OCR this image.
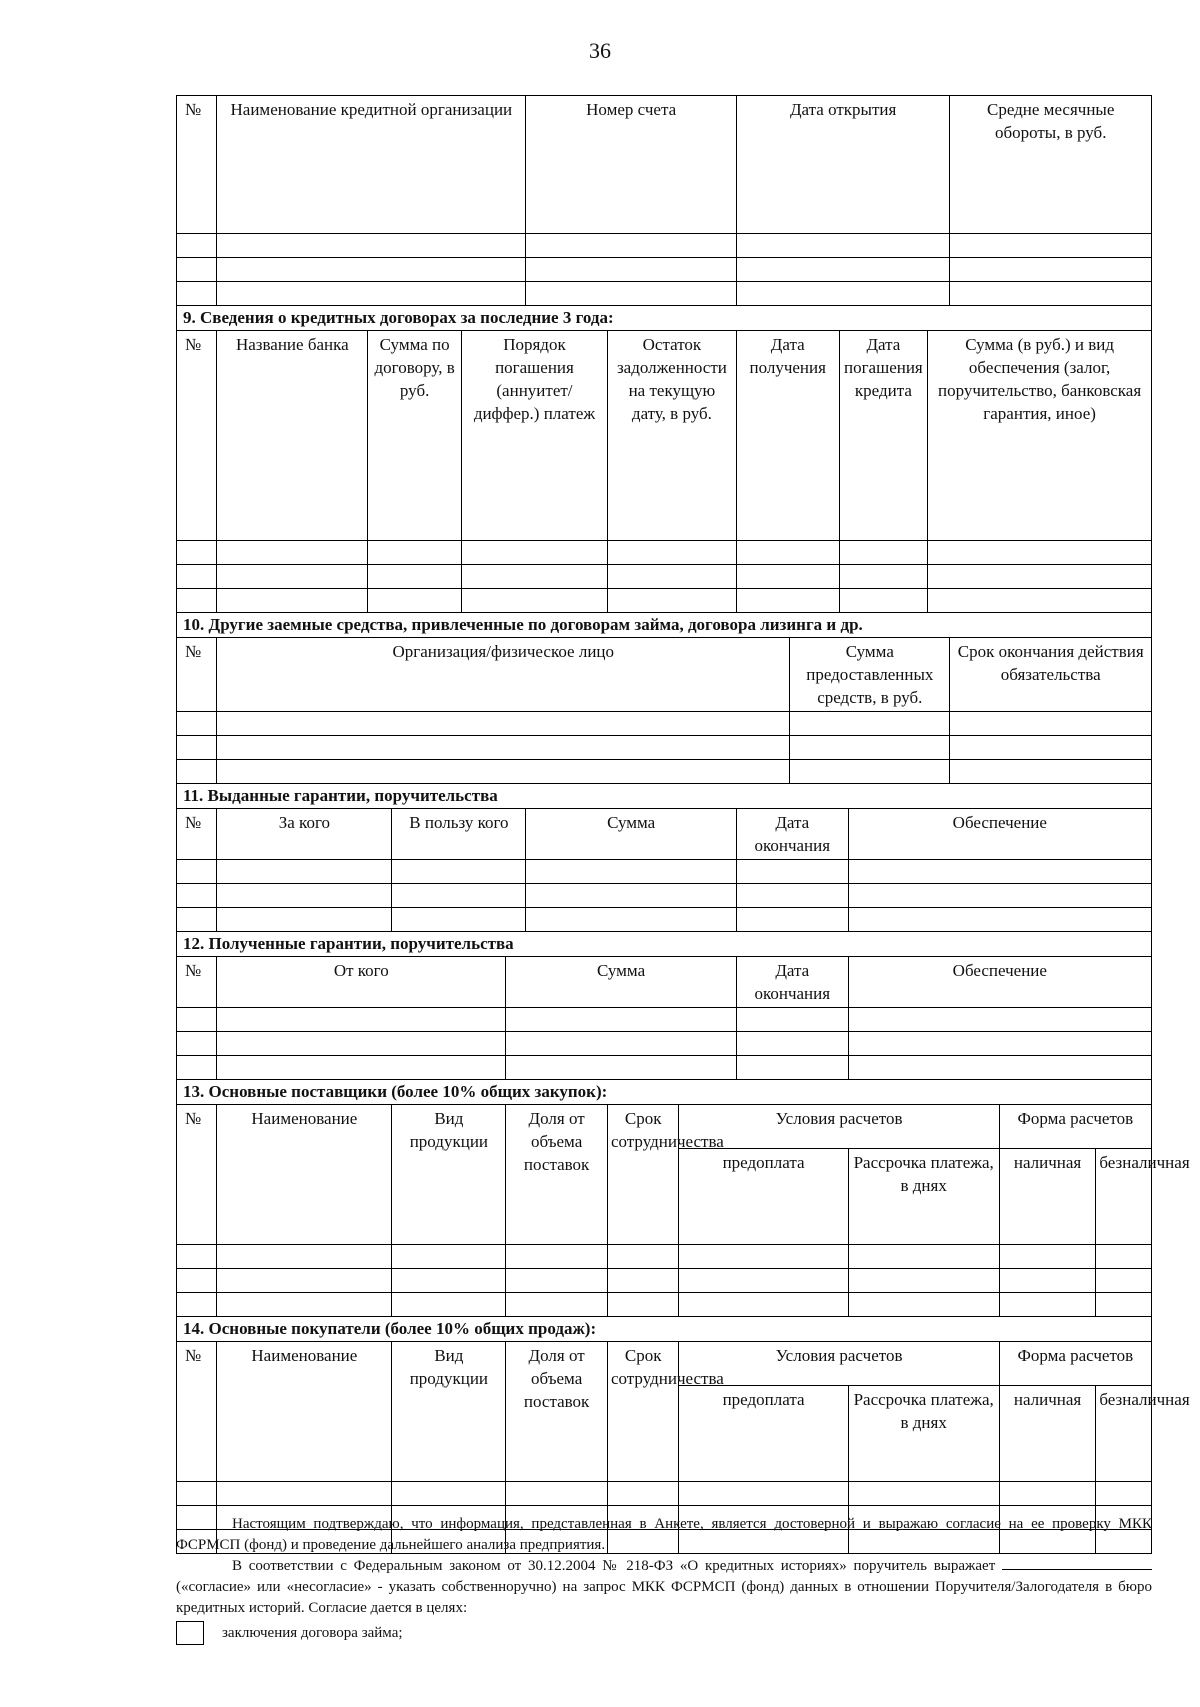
36
№	Наименование кредитной организации					Номер счета			Дата открытия					Средне месячные обороты, в руб.		

9. Сведения о кредитных договорах за последние 3 года:																
№	Название банка	Сумма по договору, в руб.		Порядок погашения (аннуитет/ диффер.) платеж			Остаток задолженности на текущую дату, в руб.		Дата получения		Дата погашения кредита		Сумма (в руб.) и вид обеспечения (залог, поручительство, банковская гарантия, иное)			

10. Другие заемные средства, привлеченные по договорам займа, договора лизинга и др.																
№	Организация/физическое лицо									Сумма предоставленных средств, в руб.				Срок окончания действия обязательства		

11. Выданные гарантии, поручительства																
№	За кого		В пользу кого			Сумма			Дата окончания			Обеспечение				

12. Полученные гарантии, поручительства																
№	От кого				Сумма				Дата окончания			Обеспечение				

13. Основные поставщики (более 10% общих закупок):																
№	Наименование		Вид продукции		Доля от объема поставок		Срок сотрудничества	Условия расчетов							Форма расчетов	
								предоплата				Рассрочка платежа, в днях			наличная	безналичная

14. Основные покупатели (более 10% общих продаж):																
№	Наименование		Вид продукции		Доля от объема поставок		Срок сотрудничества	Условия расчетов							Форма расчетов	
								предоплата				Рассрочка платежа, в днях			наличная	безналичная

Настоящим подтверждаю, что информация, представленная в Анкете, является достоверной и выражаю согласие на ее проверку МКК ФСРМСП (фонд) и проведение дальнейшего анализа предприятия.

В соответствии с Федеральным законом от 30.12.2004 № 218-ФЗ «О кредитных историях» поручитель выражает  («согласие» или «несогласие» - указать собственноручно) на запрос МКК ФСРМСП (фонд) данных в отношении Поручителя/Залогодателя в бюро кредитных историй. Согласие дается в целях:

заключения договора займа;
